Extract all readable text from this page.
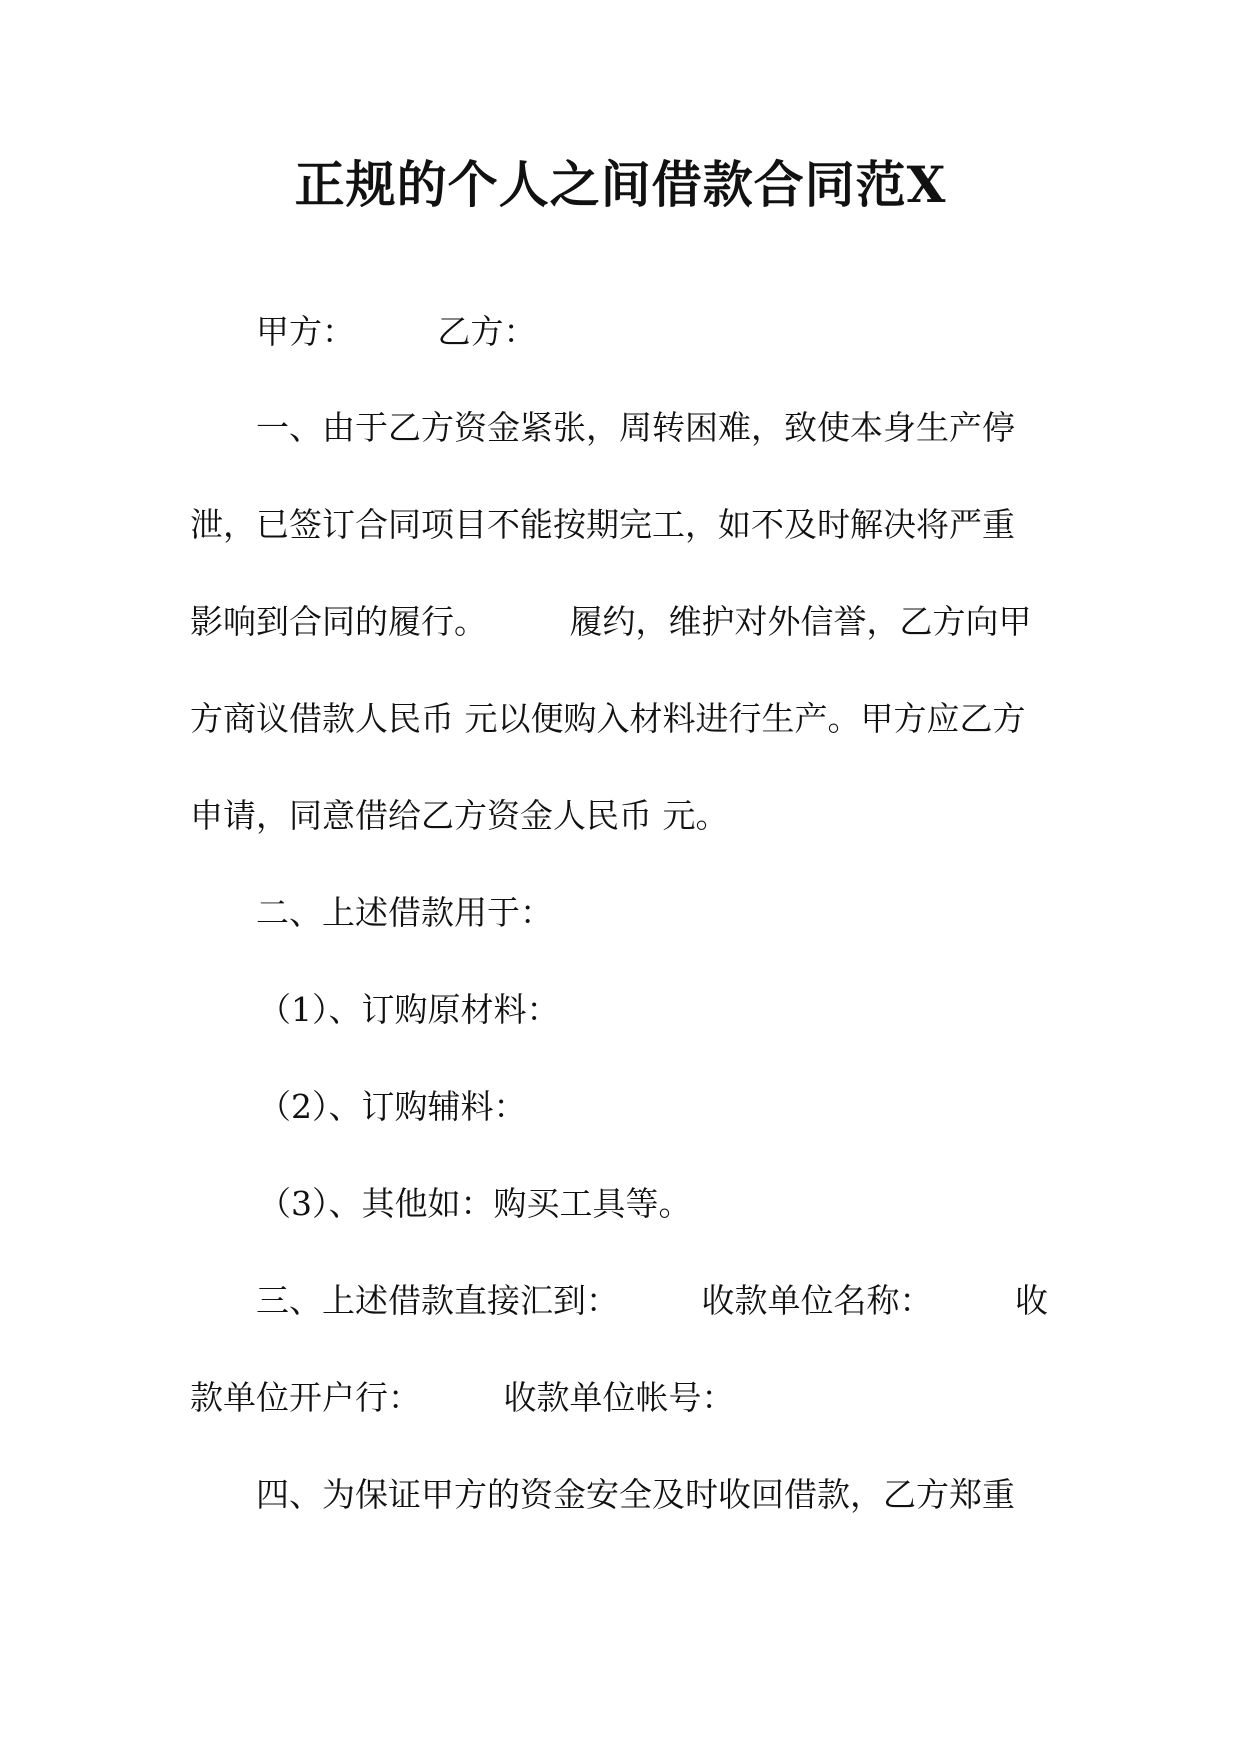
正规的个人之间借款合同范X

甲方：　　　乙方：

一、由于乙方资金紧张，周转困难，致使本身生产停

泄，已签订合同项目不能按期完工，如不及时解决将严重

影响到合同的履行。　　　履约，维护对外信誉，乙方向甲

方商议借款人民币 元以便购入材料进行生产。甲方应乙方

申请，同意借给乙方资金人民币 元。

二、上述借款用于：

（1）、订购原材料：

（2）、订购辅料：

（3）、其他如：购买工具等。

三、上述借款直接汇到：　　　收款单位名称：　　　收

款单位开户行：　　　收款单位帐号：

四、为保证甲方的资金安全及时收回借款，乙方郑重
